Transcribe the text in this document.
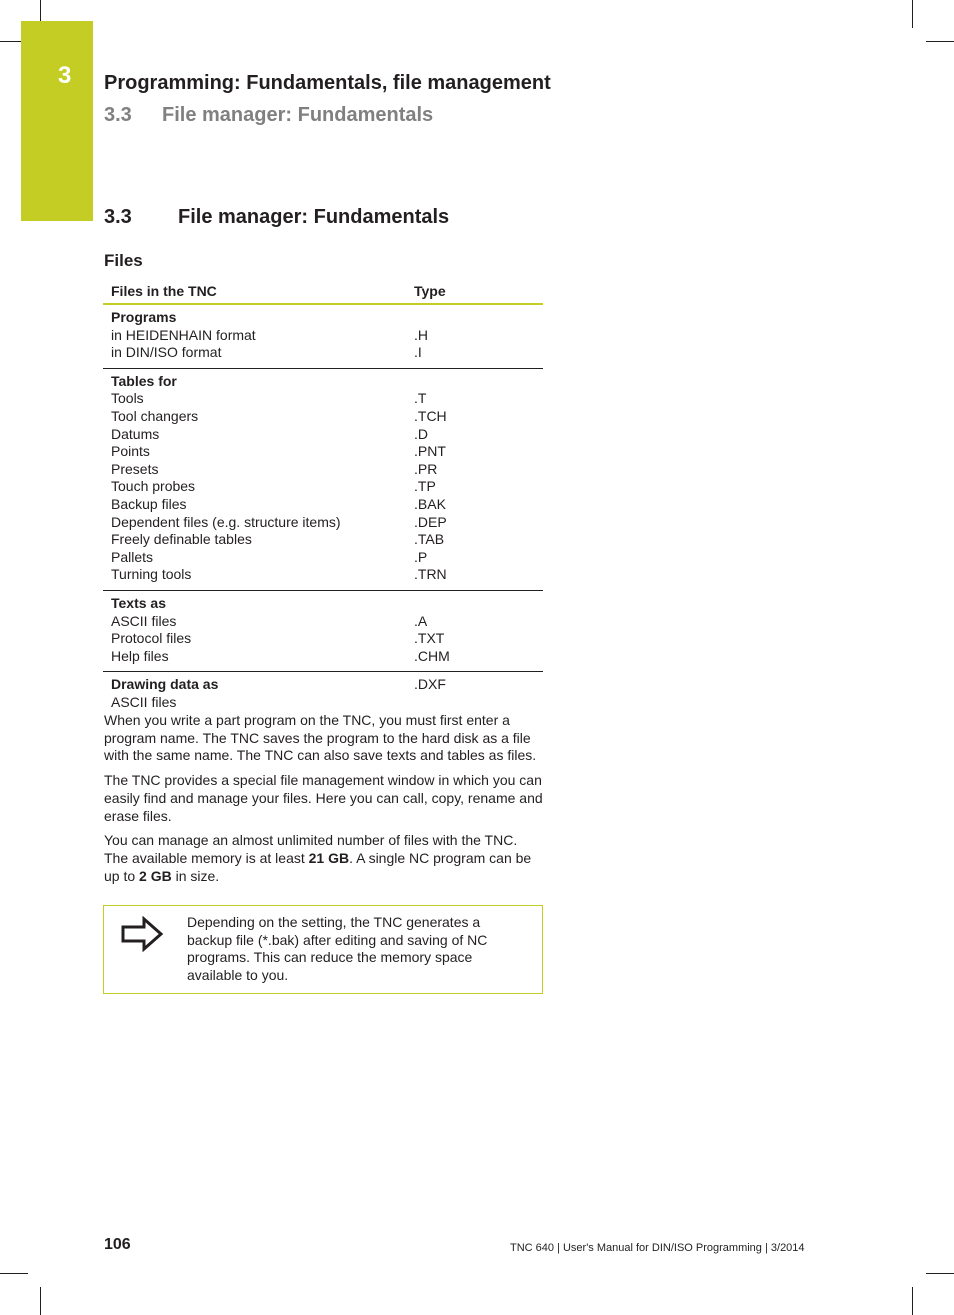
3 Programming: Fundamentals, file management
3.3 File manager: Fundamentals
3.3 File manager: Fundamentals
Files
Files in the TNC	Type
Programs
in HEIDENHAIN format	.H
in DIN/ISO format	.I
Tables for
Tools	.T
Tool changers	.TCH
Datums	.D
Points	.PNT
Presets	.PR
Touch probes	.TP
Backup files	.BAK
Dependent files (e.g. structure items)	.DEP
Freely definable tables	.TAB
Pallets	.P
Turning tools	.TRN
Texts as
ASCII files	.A
Protocol files	.TXT
Help files	.CHM
Drawing data as	.DXF
ASCII files

When you write a part program on the TNC, you must first enter a program name. The TNC saves the program to the hard disk as a file with the same name. The TNC can also save texts and tables as files.

The TNC provides a special file management window in which you can easily find and manage your files. Here you can call, copy, rename and erase files.

You can manage an almost unlimited number of files with the TNC. The available memory is at least 21 GB. A single NC program can be up to 2 GB in size.

Depending on the setting, the TNC generates a backup file (*.bak) after editing and saving of NC programs. This can reduce the memory space available to you.
106	TNC 640 | User's Manual for DIN/ISO Programming | 3/2014
